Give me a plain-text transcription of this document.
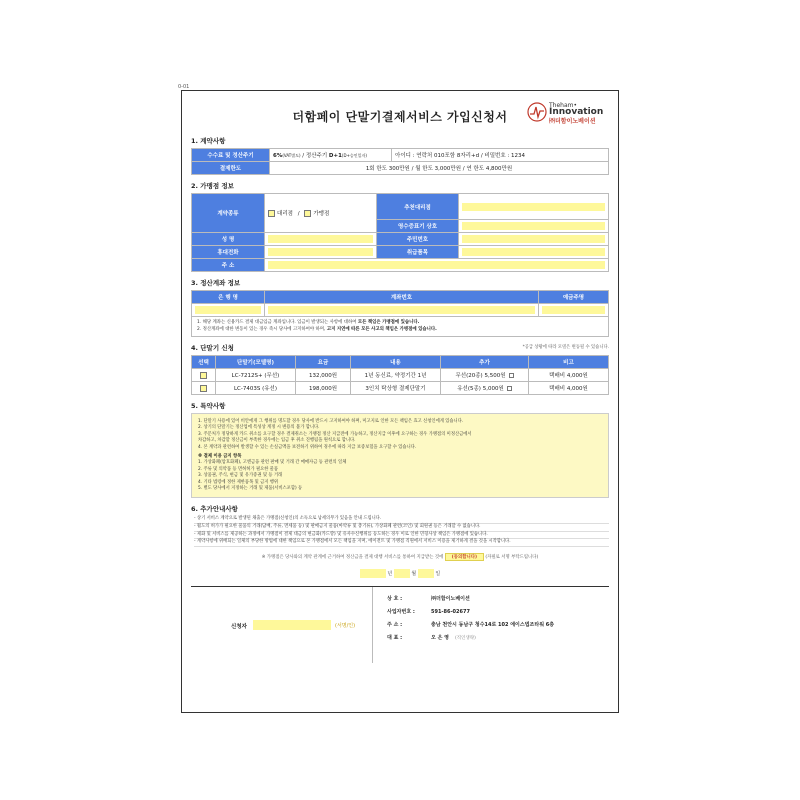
0-01
더함페이 단말기결제서비스 가입신청서
Theham•
Innovation
㈜더함이노베이션
1. 계약사항
수수료 및 정산주기	6%(VAT별도) / 정산주기 D+1(D+승인일자)	아이디 : 연락처 010포함 8자리+d / 비밀번호 : 1234
결제한도	1회 한도 300만원 / 월 한도 3,000만원 / 연 한도 4,800만원	
2. 가맹점 정보
계약종류	대리점 / 가맹점	추천대리점	

		영수증표기 상호	

성 명		주민번호	

휴대전화		취급품목	

주 소			
3. 정산계좌 정보
은 행 명	계좌번호	예금주명

1. 해당 계좌는 신용카드 결제 대금입금 계좌입니다. 입금이 발생되는 사항에 대하여 모든 책임은 가맹점에 있습니다.
2. 정산계좌에 대한 변동이 있는 경우 즉시 당사에 고지하여야 하며, 고지 지연에 따른 모든 사고의 책임은 가맹점에 있습니다.
4. 단말기 신청	*공급 상황에 따라 모델은 변동될 수 있습니다.
선택	단말기(모델명)	요금	내용	추가	비고
	LC-7212S+ (무선)	132,000원	1년 동신료, 약정기간 1년	무선(20종) 5,500원	택배비 4,000원
	LC-7403S (유선)	198,000원	3인치 탁상형 결제단말기	유선(5종) 5,000원	택배비 4,000원
5. 특약사항
1. 단말기 사용에 있어 비안에게 그 행위를 명도할 경우 당사에 반드시 고지하여야 하며, 미고지로 인한 모든 책임은 효고 신청인에게 있습니다.
2. 상기의 단말기는 정산업에 특성상 계정 시 변용의 불가 합니다.
3. 주문처가 정당하게 카드 취소를 요구할 경우 결제취소는 가맹점 정산 지급전에 가능하고, 정산지급 이후에 요구하는 경우 가맹점의 미정산금에서
차감하고, 차감할 정산금이 부족한 경우에는 입금 후 취소 진행됨을 원칙으로 합니다.
4. 본 계약과 관련하여 발생할 수 있는 손실금액을 보전하기 위하여 경우에 따라 지급 보증보험을 요구할 수 있습니다.
※ 결제 이용 금지 항목
1. 가상화폐(암호화폐), 고엔금융 관련 판매 및 거래 간 매매자금 등 관련의 일체
2. 주류 및 의약품 등 면허허가 필요한 물품
3. 상품권, 주식, 현금 및 유가증권 및 등 거래
4. 기타 법령에 정한 제한품목 및 금지 행위
5. 별도 당사에서 지정하는 거래 및 제품(서비스포함) 등
6. 추가안내사항
- 상기 서비스 계약으로 발생된 채출은 가맹점(신청인)의 소득으로 납세의무가 있음을 안내 드립니다.
- 월도의 허가가 필요한 물품의 거래(담배, 주류, 면세품 등) 및 판매금지 물품(마약류 및 총기류), 가상화폐 관련(코인) 및 회원권 등은 거래할 수 없습니다.
- 제화 및 서비스를 제공하는 과정에서 가맹점이 결제 대금의 현금화(카드깡) 및 유사수신행위를 등도하는 경우 이로 인한 민형사상 책임은 가맹점에 있습니다.
- 계약사항에 위배되는 일체의 부당한 방법에 대한 책임으로 본 가맹점에서 모든 책임을 지며, 에이전트 및 가맹점 직원에서 서비스 이용을 제거하게 결을 것을 시작합니다.
※ 가맹점은 당사와의 계약 관계에 근거하여 정산금을 결제 대행 서비스를 통하여 지급받는 것에 (동의합니다) (자필로 서명 부탁드립니다)
년	월	일
신청자	(서명/인)
상 호 :	㈜더함이노베이션
사업자번호 :	591-86-02677
주 소 :	충남 천안시 동남구 청수14로 102 에이스법조타워 6층
대 표 :	오 은 영 (직인생략)
